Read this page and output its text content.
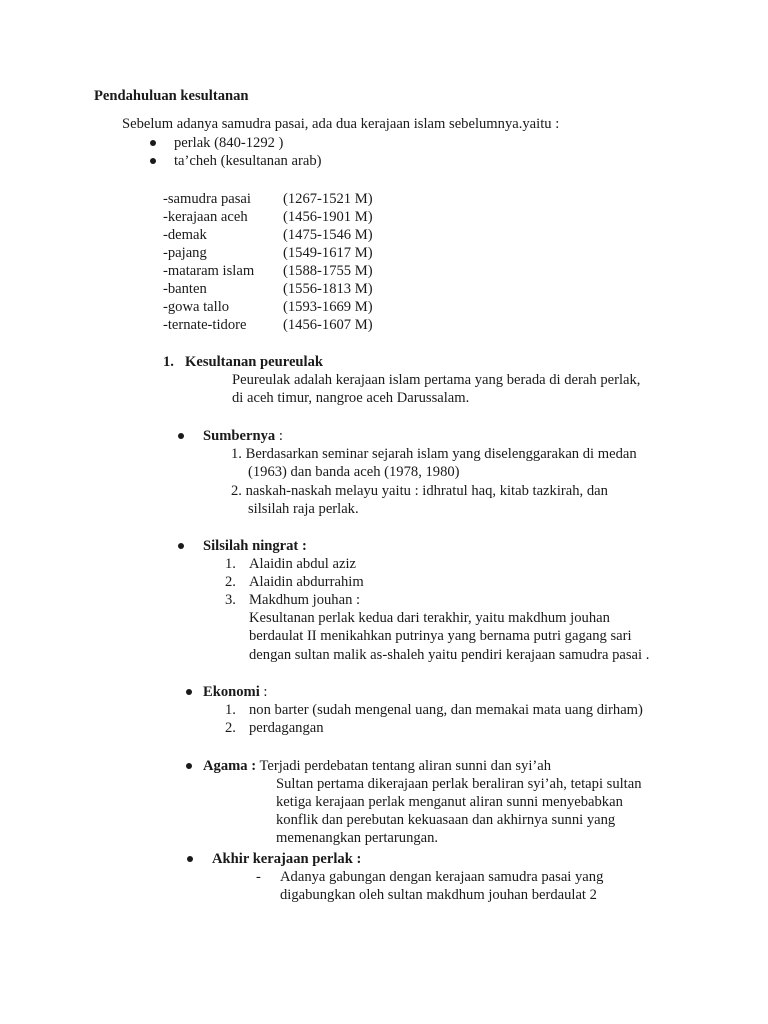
Pendahuluan kesultanan
Sebelum adanya samudra pasai, ada dua kerajaan islam sebelumnya.yaitu :
perlak (840-1292 )
ta’cheh (kesultanan arab)
-samudra pasai (1267-1521 M)
-kerajaan aceh (1456-1901 M)
-demak	(1475-1546 M)
-pajang	(1549-1617 M)
-mataram islam (1588-1755 M)
-banten	(1556-1813 M)
-gowa tallo	(1593-1669 M)
-ternate-tidore	(1456-1607 M)
1. Kesultanan peureulak
Peureulak adalah kerajaan islam pertama yang berada di derah perlak,
di aceh timur, nangroe aceh Darussalam.
Sumbernya :
1. Berdasarkan seminar sejarah islam yang diselenggarakan di medan
(1963) dan banda aceh (1978, 1980)
2. naskah-naskah melayu yaitu : idhratul haq, kitab tazkirah, dan
silsilah raja perlak.
Silsilah ningrat :
1. Alaidin abdul aziz
2. Alaidin abdurrahim
3. Makdhum jouhan :
Kesultanan perlak kedua dari terakhir, yaitu makdhum jouhan
berdaulat II menikahkan putrinya yang bernama putri gagang sari
dengan sultan malik as-shaleh yaitu pendiri kerajaan samudra pasai .
Ekonomi :
1. non barter (sudah mengenal uang, dan memakai mata uang dirham)
2. perdagangan
Agama : Terjadi perdebatan tentang aliran sunni dan syi’ah
Sultan pertama dikerajaan perlak beraliran syi’ah, tetapi sultan
ketiga kerajaan perlak menganut aliran sunni menyebabkan
konflik dan perebutan kekuasaan dan akhirnya sunni yang
memenangkan pertarungan.
Akhir kerajaan perlak :
- Adanya gabungan dengan kerajaan samudra pasai yang
digabungkan oleh sultan makdhum jouhan berdaulat 2
